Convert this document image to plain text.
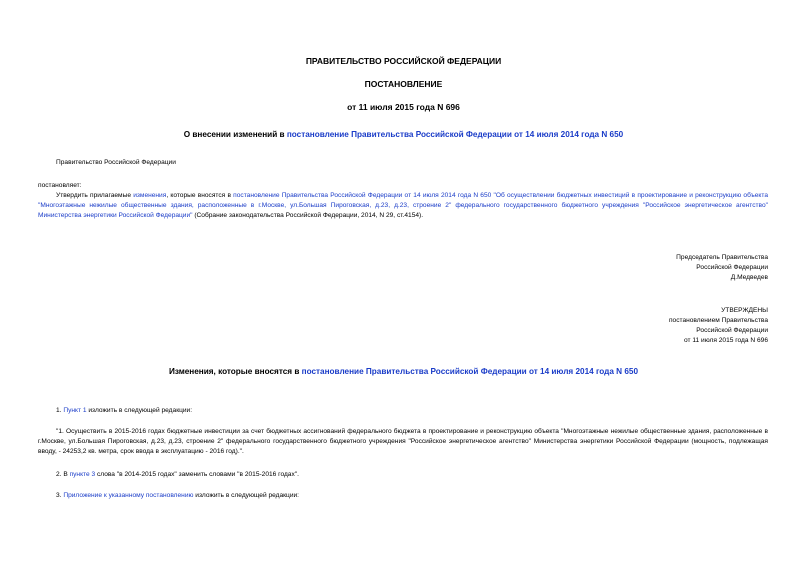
ПРАВИТЕЛЬСТВО РОССИЙСКОЙ ФЕДЕРАЦИИ
ПОСТАНОВЛЕНИЕ
от 11 июля 2015 года N 696
О внесении изменений в постановление Правительства Российской Федерации от 14 июля 2014 года N 650
Правительство Российской Федерации
постановляет:
Утвердить прилагаемые изменения, которые вносятся в постановление Правительства Российской Федерации от 14 июля 2014 года N 650 "Об осуществлении бюджетных инвестиций в проектирование и реконструкцию объекта "Многоэтажные нежилые общественные здания, расположенные в г.Москве, ул.Большая Пироговская, д.23, д.23, строение 2" федерального государственного бюджетного учреждения "Российское энергетическое агентство" Министерства энергетики Российской Федерации" (Собрание законодательства Российской Федерации, 2014, N 29, ст.4154).
Председатель Правительства
Российской Федерации
Д.Медведев
УТВЕРЖДЕНЫ
постановлением Правительства
Российской Федерации
от 11 июля 2015 года N 696
Изменения, которые вносятся в постановление Правительства Российской Федерации от 14 июля 2014 года N 650
1. Пункт 1 изложить в следующей редакции:
"1. Осуществить в 2015-2016 годах бюджетные инвестиции за счет бюджетных ассигнований федерального бюджета в проектирование и реконструкцию объекта "Многоэтажные нежилые общественные здания, расположенные в г.Москве, ул.Большая Пироговская, д.23, д.23, строение 2" федерального государственного бюджетного учреждения "Российское энергетическое агентство" Министерства энергетики Российской Федерации (мощность, подлежащая вводу, - 24253,2 кв. метра, срок ввода в эксплуатацию - 2016 год).".
2. В пункте 3 слова "в 2014-2015 годах" заменить словами "в 2015-2016 годах".
3. Приложение к указанному постановлению изложить в следующей редакции:
